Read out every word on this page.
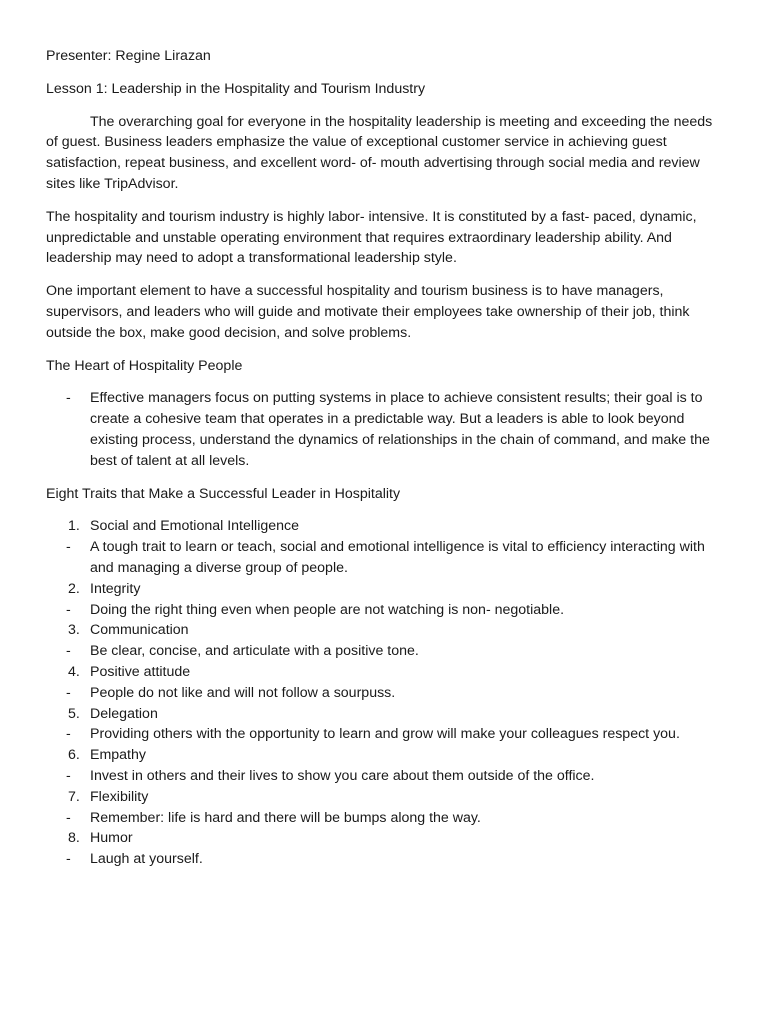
Presenter: Regine Lirazan

Lesson 1: Leadership in the Hospitality and Tourism Industry

The overarching goal for everyone in the hospitality leadership is meeting and exceeding the needs of guest. Business leaders emphasize the value of exceptional customer service in achieving guest satisfaction, repeat business, and excellent word- of- mouth advertising through social media and review sites like TripAdvisor.

The hospitality and tourism industry is highly labor- intensive. It is constituted by a fast- paced, dynamic, unpredictable and unstable operating environment that requires extraordinary leadership ability. And leadership may need to adopt a transformational leadership style.

One important element to have a successful hospitality and tourism business is to have managers, supervisors, and leaders who will guide and motivate their employees take ownership of their job, think outside the box, make good decision, and solve problems.

The Heart of Hospitality People

- Effective managers focus on putting systems in place to achieve consistent results; their goal is to create a cohesive team that operates in a predictable way. But a leaders is able to look beyond existing process, understand the dynamics of relationships in the chain of command, and make the best of talent at all levels.

Eight Traits that Make a Successful Leader in Hospitality

1. Social and Emotional Intelligence
- A tough trait to learn or teach, social and emotional intelligence is vital to efficiency interacting with and managing a diverse group of people.
2. Integrity
- Doing the right thing even when people are not watching is non- negotiable.
3. Communication
- Be clear, concise, and articulate with a positive tone.
4. Positive attitude
- People do not like and will not follow a sourpuss.
5. Delegation
- Providing others with the opportunity to learn and grow will make your colleagues respect you.
6. Empathy
- Invest in others and their lives to show you care about them outside of the office.
7. Flexibility
- Remember: life is hard and there will be bumps along the way.
8. Humor
- Laugh at yourself.
